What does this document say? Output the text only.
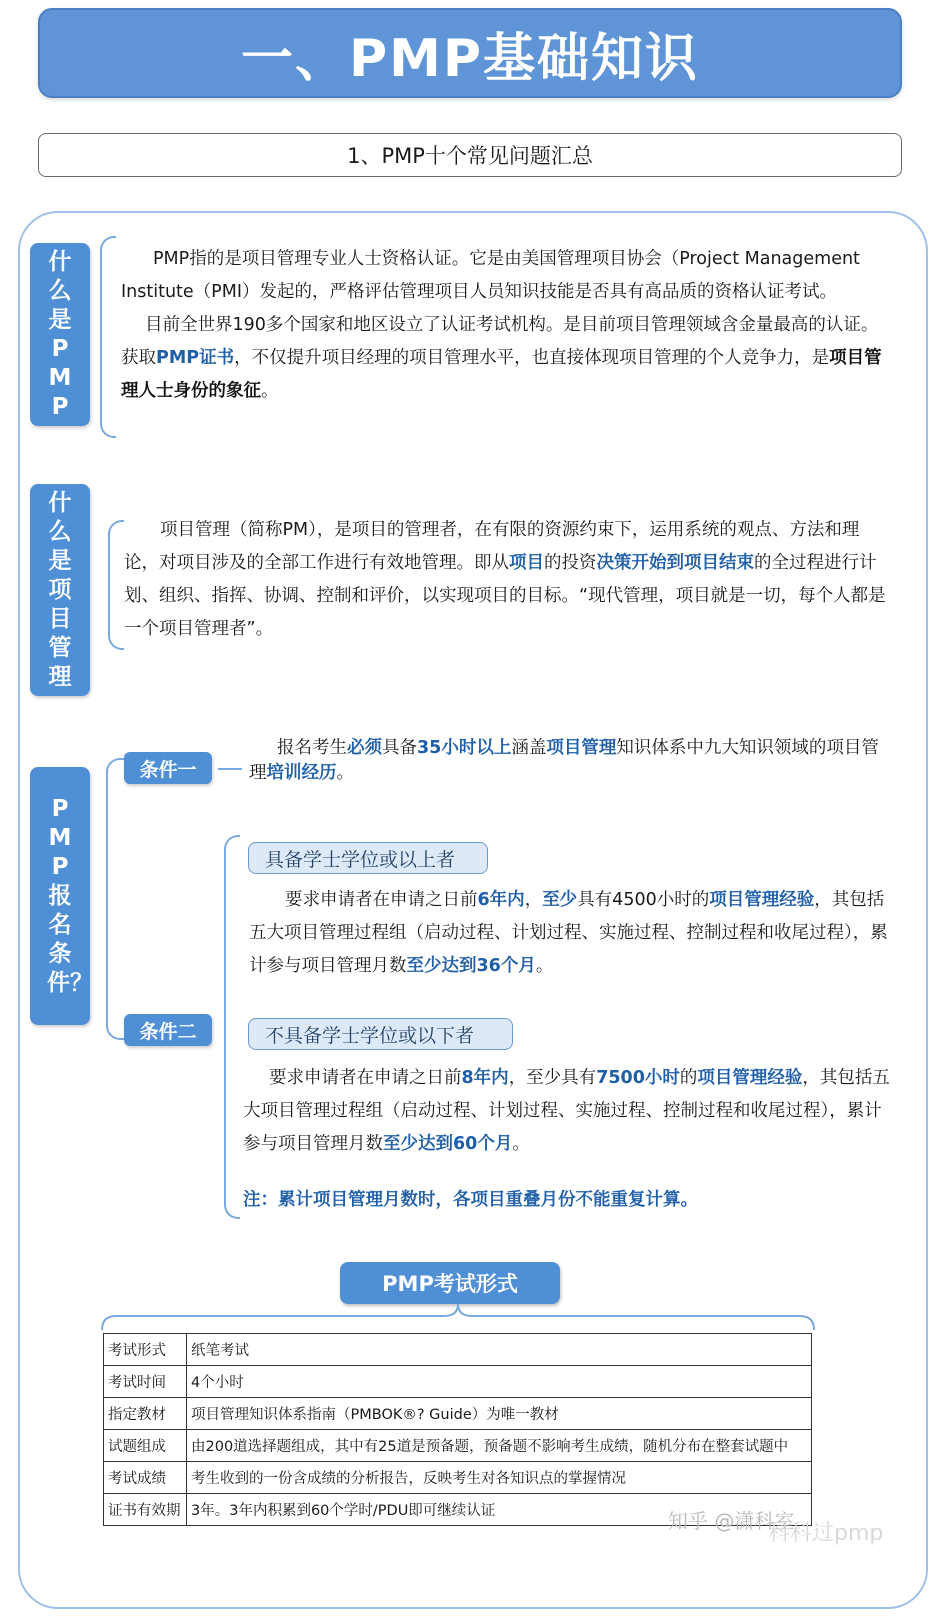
一、PMP基础知识
1、PMP十个常见问题汇总
什么是PMP
PMP指的是项目管理专业人士资格认证。它是由美国管理项目协会（Project Management Institute（PMI）发起的，严格评估管理项目人员知识技能是否具有高品质的资格认证考试。
目前全世界190多个国家和地区设立了认证考试机构。是目前项目管理领域含金量最高的认证。获取PMP证书，不仅提升项目经理的项目管理水平，也直接体现项目管理的个人竞争力，是项目管理人士身份的象征。
什么是项目管理
项目管理（简称PM），是项目的管理者，在有限的资源约束下，运用系统的观点、方法和理论，对项目涉及的全部工作进行有效地管理。即从项目的投资决策开始到项目结束的全过程进行计划、组织、指挥、协调、控制和评价，以实现项目的目标。“现代管理，项目就是一切，每个人都是一个项目管理者”。
PMP报名条件？
条件一
报名考生必须具备35小时以上涵盖项目管理知识体系中九大知识领域的项目管理培训经历。
条件二
具备学士学位或以上者
要求申请者在申请之日前6年内，至少具有4500小时的项目管理经验，其包括五大项目管理过程组（启动过程、计划过程、实施过程、控制过程和收尾过程），累计参与项目管理月数至少达到36个月。
不具备学士学位或以下者
要求申请者在申请之日前8年内，至少具有7500小时的项目管理经验，其包括五大项目管理过程组（启动过程、计划过程、实施过程、控制过程和收尾过程），累计参与项目管理月数至少达到60个月。
注：累计项目管理月数时，各项目重叠月份不能重复计算。
PMP考试形式
考试形式	纸笔考试
考试时间	4个小时
指定教材	项目管理知识体系指南（PMBOK®? Guide）为唯一教材
试题组成	由200道选择题组成，其中有25道是预备题，预备题不影响考生成绩，随机分布在整套试题中
考试成绩	考生收到的一份含成绩的分析报告，反映考生对各知识点的掌握情况
证书有效期	3年。3年内积累到60个学时/PDU即可继续认证	知乎 @潇科室
科科过pmp
